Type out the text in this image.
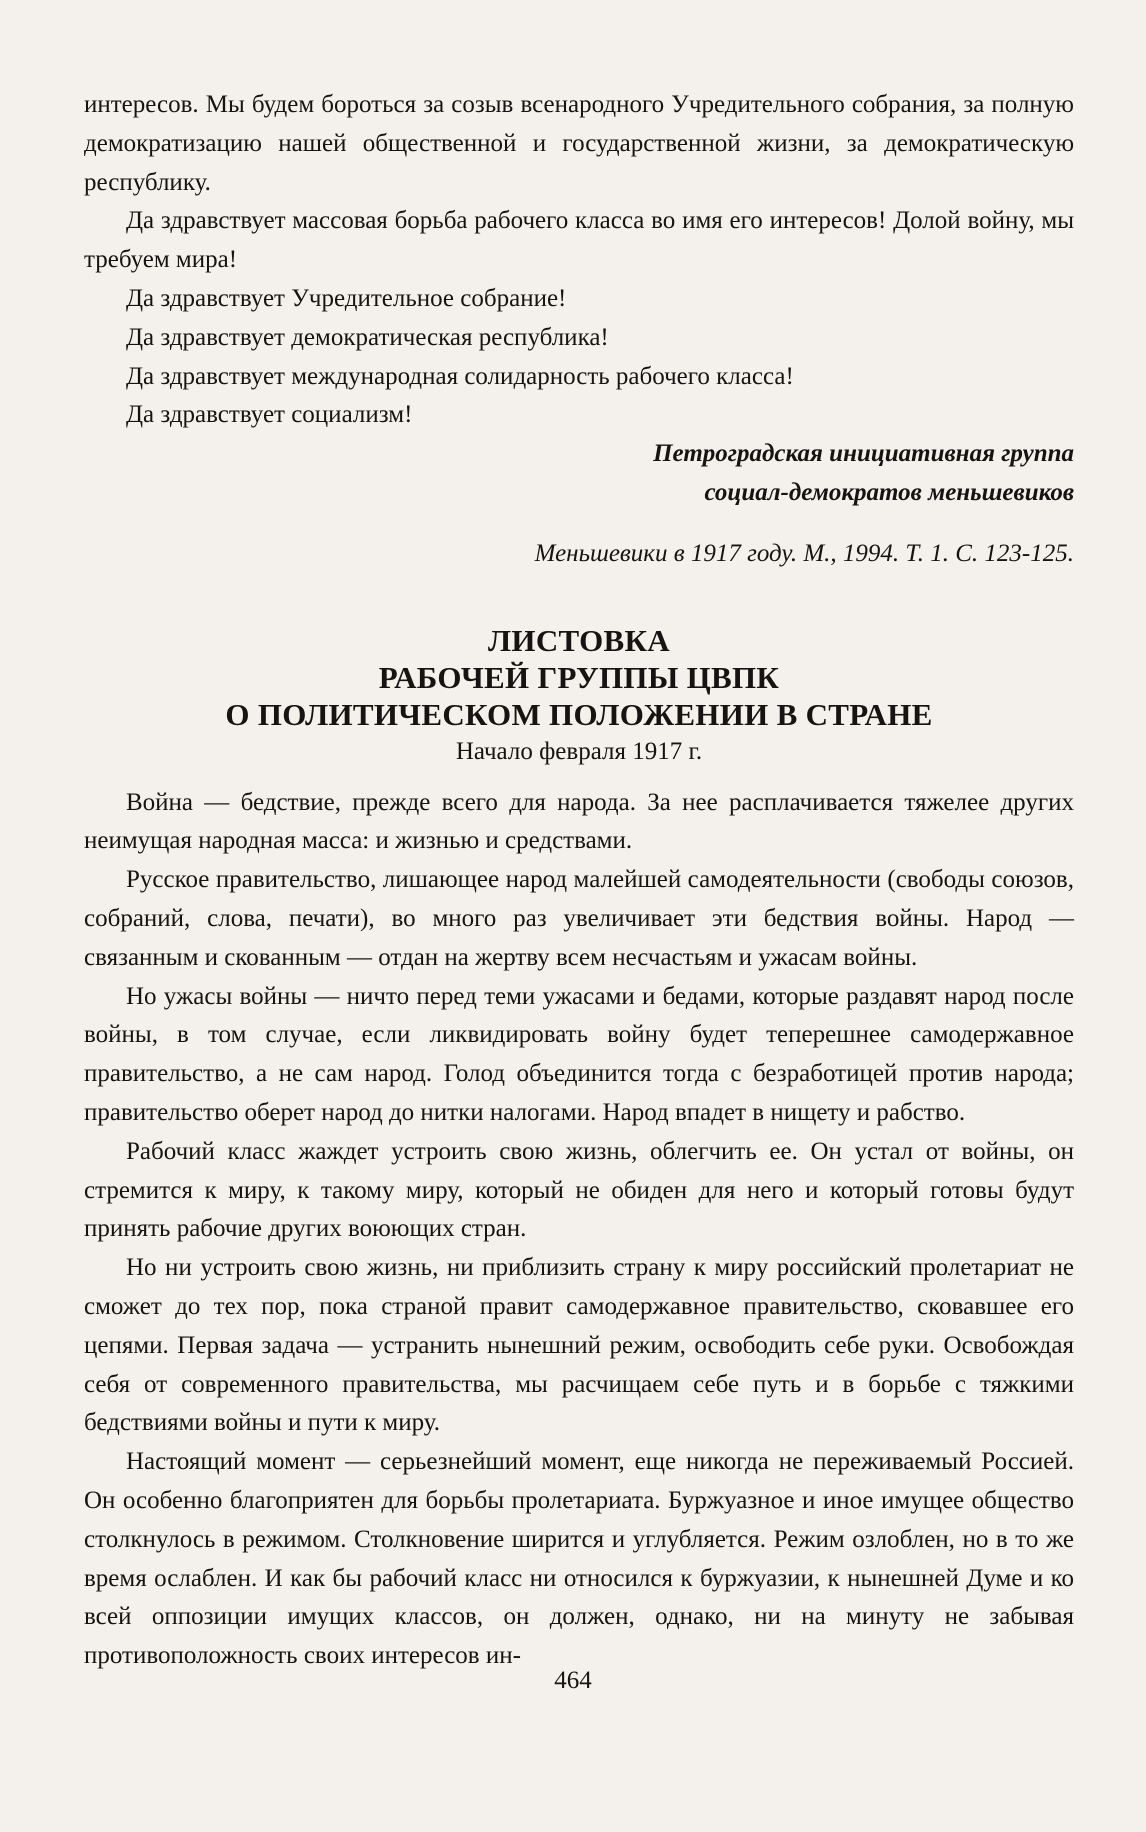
интересов. Мы будем бороться за созыв всенародного Учредительного собрания, за полную демократизацию нашей общественной и государственной жизни, за демократическую республику.

Да здравствует массовая борьба рабочего класса во имя его интересов! Долой войну, мы требуем мира!

Да здравствует Учредительное собрание!

Да здравствует демократическая республика!

Да здравствует международная солидарность рабочего класса!

Да здравствует социализм!

Петроградская инициативная группа
социал-демократов меньшевиков

Меньшевики в 1917 году. М., 1994. Т. 1. С. 123-125.

ЛИСТОВКА
РАБОЧЕЙ ГРУППЫ ЦВПК
О ПОЛИТИЧЕСКОМ ПОЛОЖЕНИИ В СТРАНЕ
Начало февраля 1917 г.

Война — бедствие, прежде всего для народа. За нее расплачивается тяжелее других неимущая народная масса: и жизнью и средствами.

Русское правительство, лишающее народ малейшей самодеятельности (свободы союзов, собраний, слова, печати), во много раз увеличивает эти бедствия войны. Народ — связанным и скованным — отдан на жертву всем несчастьям и ужасам войны.

Но ужасы войны — ничто перед теми ужасами и бедами, которые раздавят народ после войны, в том случае, если ликвидировать войну будет теперешнее самодержавное правительство, а не сам народ. Голод объединится тогда с безработицей против народа; правительство оберет народ до нитки налогами. Народ впадет в нищету и рабство.

Рабочий класс жаждет устроить свою жизнь, облегчить ее. Он устал от войны, он стремится к миру, к такому миру, который не обиден для него и который готовы будут принять рабочие других воюющих стран.

Но ни устроить свою жизнь, ни приблизить страну к миру российский пролетариат не сможет до тех пор, пока страной правит самодержавное правительство, сковавшее его цепями. Первая задача — устранить нынешний режим, освободить себе руки. Освобождая себя от современного правительства, мы расчищаем себе путь и в борьбе с тяжкими бедствиями войны и пути к миру.

Настоящий момент — серьезнейший момент, еще никогда не переживаемый Россией. Он особенно благоприятен для борьбы пролетариата. Буржуазное и иное имущее общество столкнулось в режимом. Столкновение ширится и углубляется. Режим озлоблен, но в то же время ослаблен. И как бы рабочий класс ни относился к буржуазии, к нынешней Думе и ко всей оппозиции имущих классов, он должен, однако, ни на минуту не забывая противоположность своих интересов ин-

464
